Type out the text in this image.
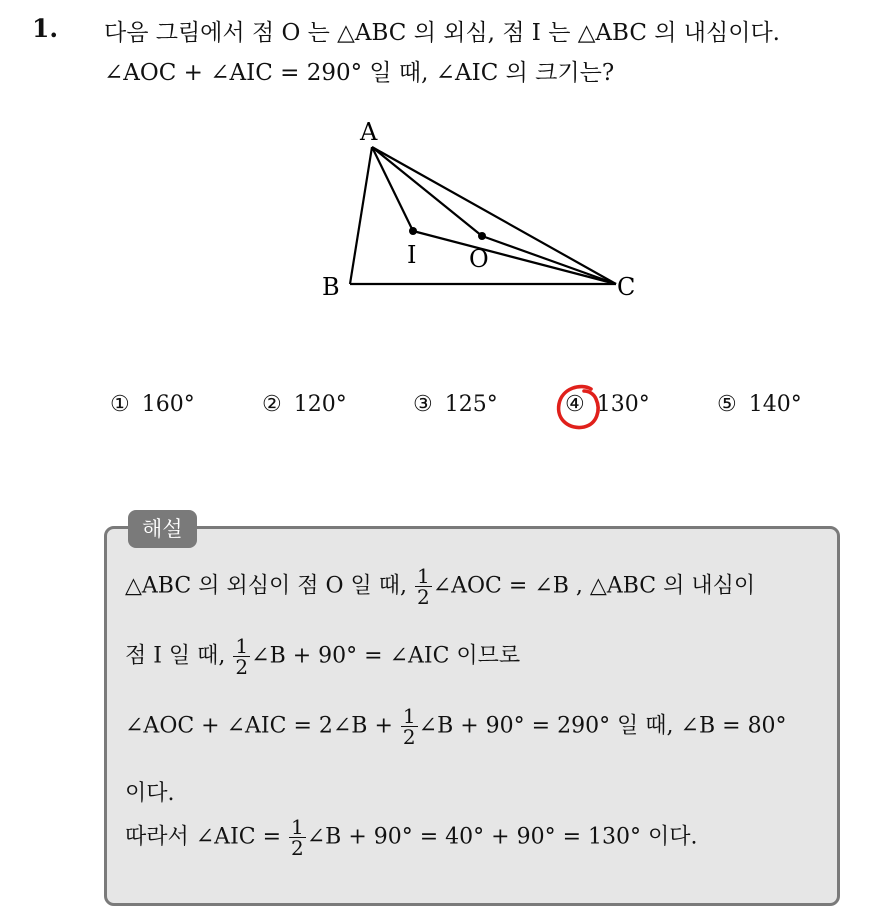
1. 다음 그림에서 점 O 는 △ABC 의 외심, 점 I 는 △ABC 의 내심이다.
∠AOC + ∠AIC = 290° 일 때, ∠AIC 의 크기는?
A
B	C
I O
① 160°	② 120°	③ 125°	④ 130°	⑤ 140°
해설
△ABC 의 외심이 점 O 일 때, $\frac{1}{2}$ ∠AOC = ∠B , △ABC 의 내심이
점 I 일 때, $\frac{1}{2}$ ∠B + 90° = ∠AIC 이므로
∠AOC + ∠AIC = 2∠B + $\frac{1}{2}$ ∠B + 90° = 290° 일 때, ∠B = 80°
이다.
따라서 ∠AIC = $\frac{1}{2}$ ∠B + 90° = 40° + 90° = 130° 이다.
